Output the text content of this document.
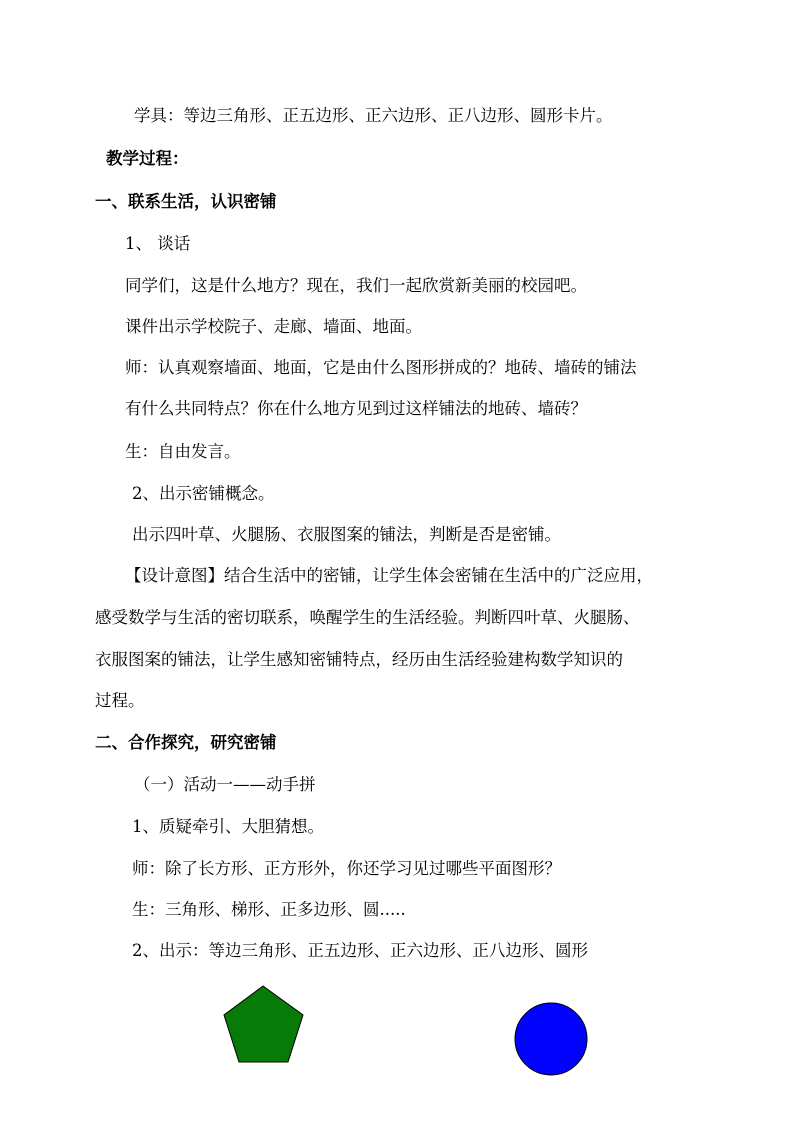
学具：等边三角形、正五边形、正六边形、正八边形、圆形卡片。
教学过程：
一、联系生活，认识密铺
1、 谈话
同学们，这是什么地方？现在，我们一起欣赏新美丽的校园吧。
课件出示学校院子、走廊、墙面、地面。
师：认真观察墙面、地面，它是由什么图形拼成的？地砖、墙砖的铺法
有什么共同特点？你在什么地方见到过这样铺法的地砖、墙砖？
生：自由发言。
2、出示密铺概念。
出示四叶草、火腿肠、衣服图案的铺法，判断是否是密铺。
【设计意图】结合生活中的密铺，让学生体会密铺在生活中的广泛应用，
感受数学与生活的密切联系，唤醒学生的生活经验。判断四叶草、火腿肠、
衣服图案的铺法，让学生感知密铺特点，经历由生活经验建构数学知识的
过程。
二、合作探究，研究密铺
（一）活动一——动手拼
1、质疑牵引、大胆猜想。
师：除了长方形、正方形外，你还学习见过哪些平面图形？
生：三角形、梯形、正多边形、圆.....
2、出示：等边三角形、正五边形、正六边形、正八边形、圆形
